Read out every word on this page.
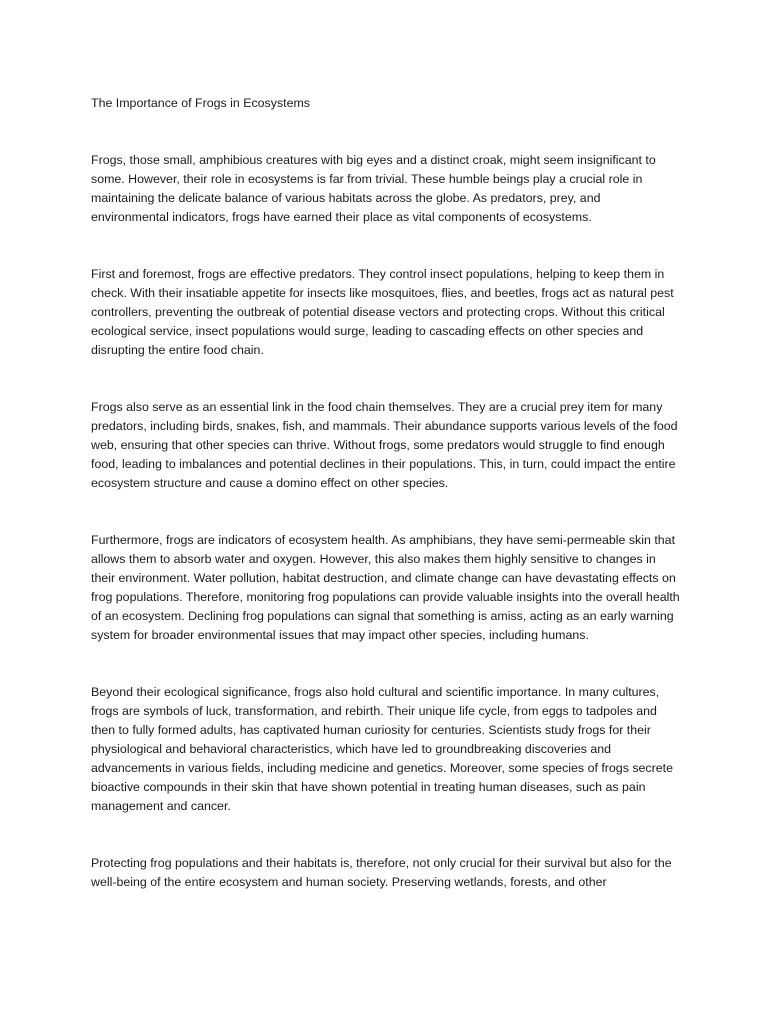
The Importance of Frogs in Ecosystems

Frogs, those small, amphibious creatures with big eyes and a distinct croak, might seem insignificant to some. However, their role in ecosystems is far from trivial. These humble beings play a crucial role in maintaining the delicate balance of various habitats across the globe. As predators, prey, and environmental indicators, frogs have earned their place as vital components of ecosystems.

First and foremost, frogs are effective predators. They control insect populations, helping to keep them in check. With their insatiable appetite for insects like mosquitoes, flies, and beetles, frogs act as natural pest controllers, preventing the outbreak of potential disease vectors and protecting crops. Without this critical ecological service, insect populations would surge, leading to cascading effects on other species and disrupting the entire food chain.

Frogs also serve as an essential link in the food chain themselves. They are a crucial prey item for many predators, including birds, snakes, fish, and mammals. Their abundance supports various levels of the food web, ensuring that other species can thrive. Without frogs, some predators would struggle to find enough food, leading to imbalances and potential declines in their populations. This, in turn, could impact the entire ecosystem structure and cause a domino effect on other species.

Furthermore, frogs are indicators of ecosystem health. As amphibians, they have semi-permeable skin that allows them to absorb water and oxygen. However, this also makes them highly sensitive to changes in their environment. Water pollution, habitat destruction, and climate change can have devastating effects on frog populations. Therefore, monitoring frog populations can provide valuable insights into the overall health of an ecosystem. Declining frog populations can signal that something is amiss, acting as an early warning system for broader environmental issues that may impact other species, including humans.

Beyond their ecological significance, frogs also hold cultural and scientific importance. In many cultures, frogs are symbols of luck, transformation, and rebirth. Their unique life cycle, from eggs to tadpoles and then to fully formed adults, has captivated human curiosity for centuries. Scientists study frogs for their physiological and behavioral characteristics, which have led to groundbreaking discoveries and advancements in various fields, including medicine and genetics. Moreover, some species of frogs secrete bioactive compounds in their skin that have shown potential in treating human diseases, such as pain management and cancer.

Protecting frog populations and their habitats is, therefore, not only crucial for their survival but also for the well-being of the entire ecosystem and human society. Preserving wetlands, forests, and other
